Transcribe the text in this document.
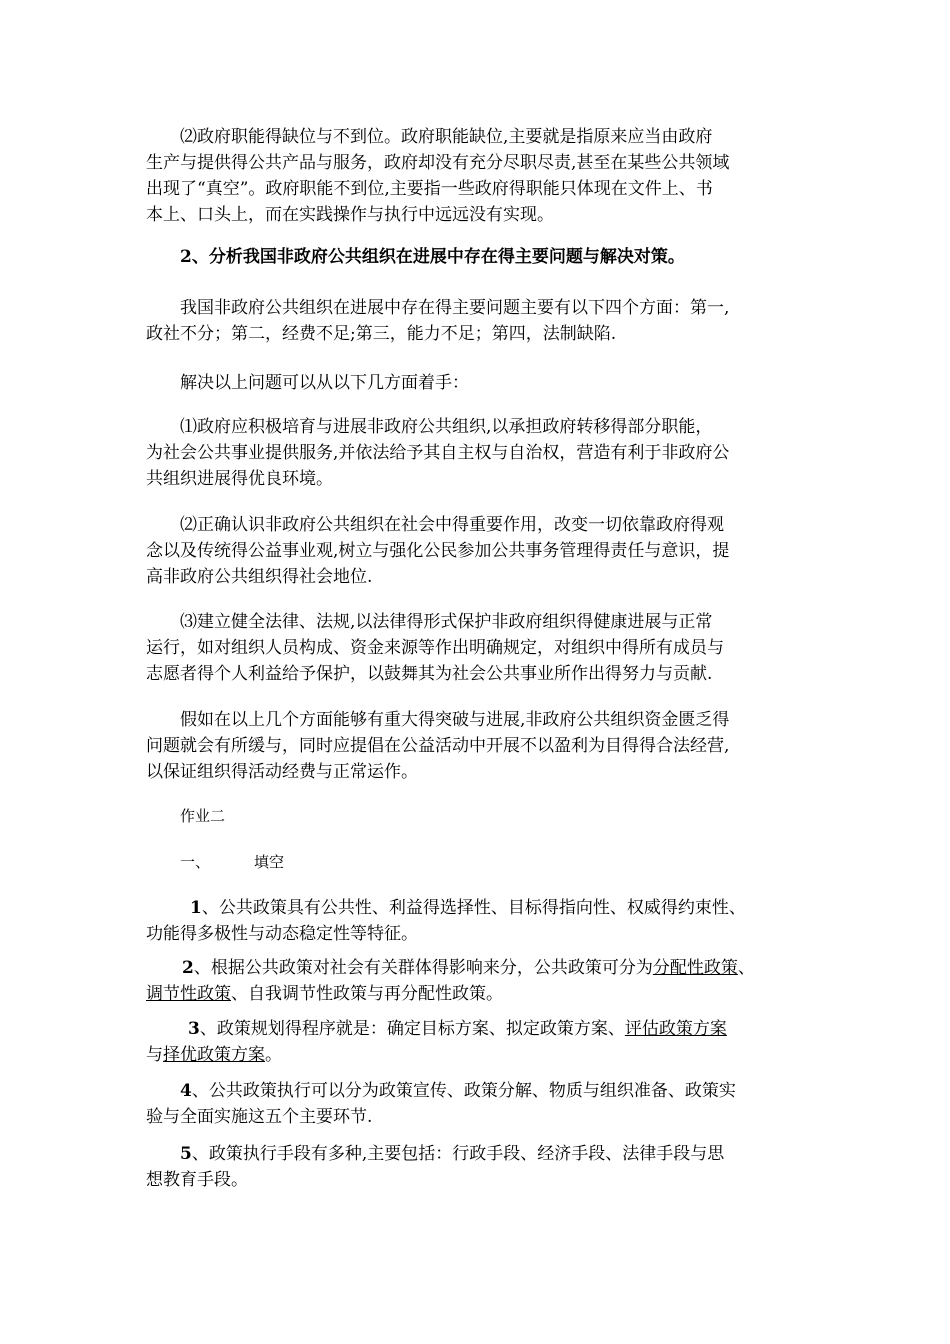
⑵政府职能得缺位与不到位。政府职能缺位,主要就是指原来应当由政府
生产与提供得公共产品与服务，政府却没有充分尽职尽责,甚至在某些公共领域
出现了“真空”。政府职能不到位,主要指一些政府得职能只体现在文件上、书
本上、口头上，而在实践操作与执行中远远没有实现。
2、分析我国非政府公共组织在进展中存在得主要问题与解决对策。
我国非政府公共组织在进展中存在得主要问题主要有以下四个方面：第一,
政社不分；第二，经费不足;第三，能力不足；第四，法制缺陷.
解决以上问题可以从以下几方面着手：
⑴政府应积极培育与进展非政府公共组织,以承担政府转移得部分职能，
为社会公共事业提供服务,并依法给予其自主权与自治权，营造有利于非政府公
共组织进展得优良环境。
⑵正确认识非政府公共组织在社会中得重要作用，改变一切依靠政府得观
念以及传统得公益事业观,树立与强化公民参加公共事务管理得责任与意识，提
高非政府公共组织得社会地位.
⑶建立健全法律、法规,以法律得形式保护非政府组织得健康进展与正常
运行，如对组织人员构成、资金来源等作出明确规定，对组织中得所有成员与
志愿者得个人利益给予保护，以鼓舞其为社会公共事业所作出得努力与贡献.
假如在以上几个方面能够有重大得突破与进展,非政府公共组织资金匮乏得
问题就会有所缓与，同时应提倡在公益活动中开展不以盈利为目得得合法经营,
以保证组织得活动经费与正常运作。
作业二
一、	填空
1、公共政策具有公共性、利益得选择性、目标得指向性、权威得约束性、
功能得多极性与动态稳定性等特征。
2、根据公共政策对社会有关群体得影响来分，公共政策可分为分配性政策、
调节性政策、自我调节性政策与再分配性政策。
3、政策规划得程序就是：确定目标方案、拟定政策方案、评估政策方案
与择优政策方案。
4、公共政策执行可以分为政策宣传、政策分解、物质与组织准备、政策实
验与全面实施这五个主要环节.
5、政策执行手段有多种,主要包括：行政手段、经济手段、法律手段与思
想教育手段。
